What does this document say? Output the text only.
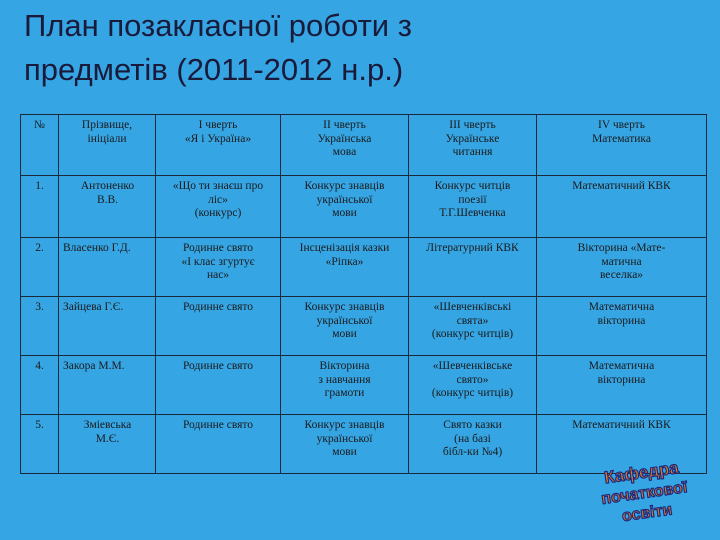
План позакласної роботи з
предметів (2011-2012 н.р.)
№	Прізвище,
ініціали	І чверть
«Я і Україна»	ІІ чверть
Українська
мова	ІІІ чверть
Українське
читання	IV чверть
Математика
1.	Антоненко
В.В.	«Що ти знаєш про
ліс»
(конкурс)	Конкурс знавців
української
мови	Конкурс читців
поезії
Т.Г.Шевченка	Математичний КВК
2.	Власенко Г.Д.	Родинне свято
«І клас згуртує
нас»	Інсценізація казки
«Ріпка»	Літературний КВК	Вікторина «Мате-
матична
веселка»
3.	Зайцева Г.Є.	Родинне свято	Конкурс знавців
української
мови	«Шевченківські
свята»
(конкурс читців)	Математична
вікторина
4.	Закора М.М.	Родинне свято	Вікторина
з навчання
грамоти	«Шевченківське
свято»
(конкурс читців)	Математична
вікторина
5.	Зміевська
М.Є.	Родинне свято	Конкурс знавців
української
мови	Свято казки
(на базі
бібл-ки №4)	Математичний КВК
Кафедра
початкової
освіти
